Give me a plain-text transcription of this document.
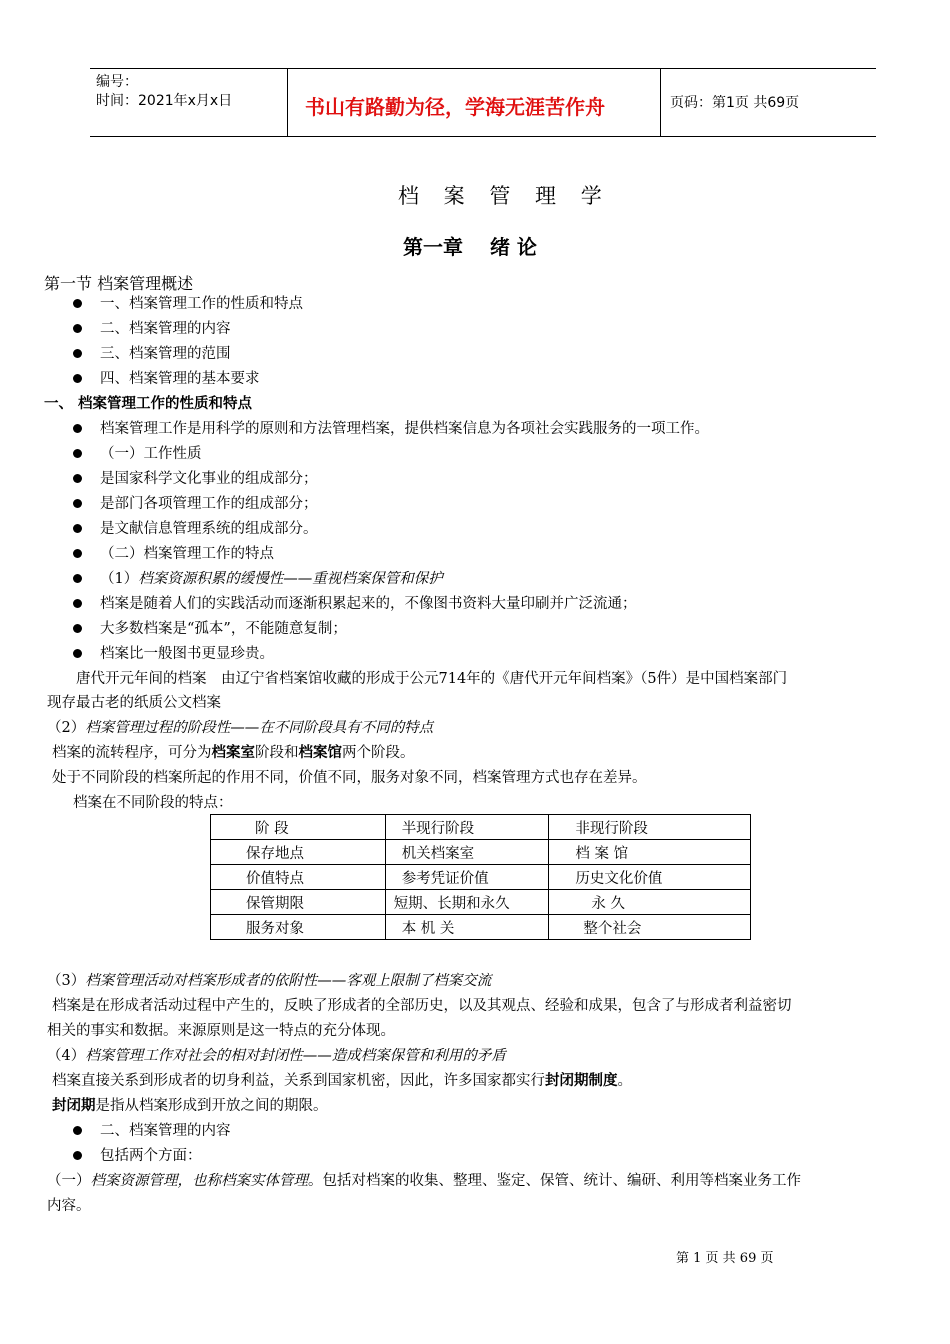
编号：
时间：2021年x月x日	书山有路勤为径，学海无涯苦作舟	页码：第1页 共69页
档 案 管 理 学
第一章　 绪 论
第一节 档案管理概述
一、档案管理工作的性质和特点
二、档案管理的内容
三、档案管理的范围
四、档案管理的基本要求
一、 档案管理工作的性质和特点
档案管理工作是用科学的原则和方法管理档案，提供档案信息为各项社会实践服务的一项工作。
（一）工作性质
是国家科学文化事业的组成部分；
是部门各项管理工作的组成部分；
是文献信息管理系统的组成部分。
（二）档案管理工作的特点
（1）档案资源积累的缓慢性——重视档案保管和保护
档案是随着人们的实践活动而逐渐积累起来的，不像图书资料大量印刷并广泛流通；
大多数档案是“孤本”，不能随意复制；
档案比一般图书更显珍贵。
唐代开元年间的档案　由辽宁省档案馆收藏的形成于公元714年的《唐代开元年间档案》（5件）是中国档案部门
现存最古老的纸质公文档案
（2）档案管理过程的阶段性——在不同阶段具有不同的特点
档案的流转程序，可分为档案室阶段和档案馆两个阶段。
处于不同阶段的档案所起的作用不同，价值不同，服务对象不同，档案管理方式也存在差异。
档案在不同阶段的特点：
阶 段	半现行阶段	非现行阶段
保存地点	机关档案室	档 案 馆
价值特点	参考凭证价值	历史文化价值
保管期限	短期、长期和永久	永 久
服务对象	本 机 关	整个社会
（3）档案管理活动对档案形成者的依附性——客观上限制了档案交流
档案是在形成者活动过程中产生的，反映了形成者的全部历史，以及其观点、经验和成果，包含了与形成者利益密切
相关的事实和数据。来源原则是这一特点的充分体现。
（4）档案管理工作对社会的相对封闭性——造成档案保管和利用的矛盾
档案直接关系到形成者的切身利益，关系到国家机密，因此，许多国家都实行封闭期制度。
封闭期是指从档案形成到开放之间的期限。
二、档案管理的内容
包括两个方面：
（一）档案资源管理，也称档案实体管理。包括对档案的收集、整理、鉴定、保管、统计、编研、利用等档案业务工作
内容。
第 1 页 共 69 页
